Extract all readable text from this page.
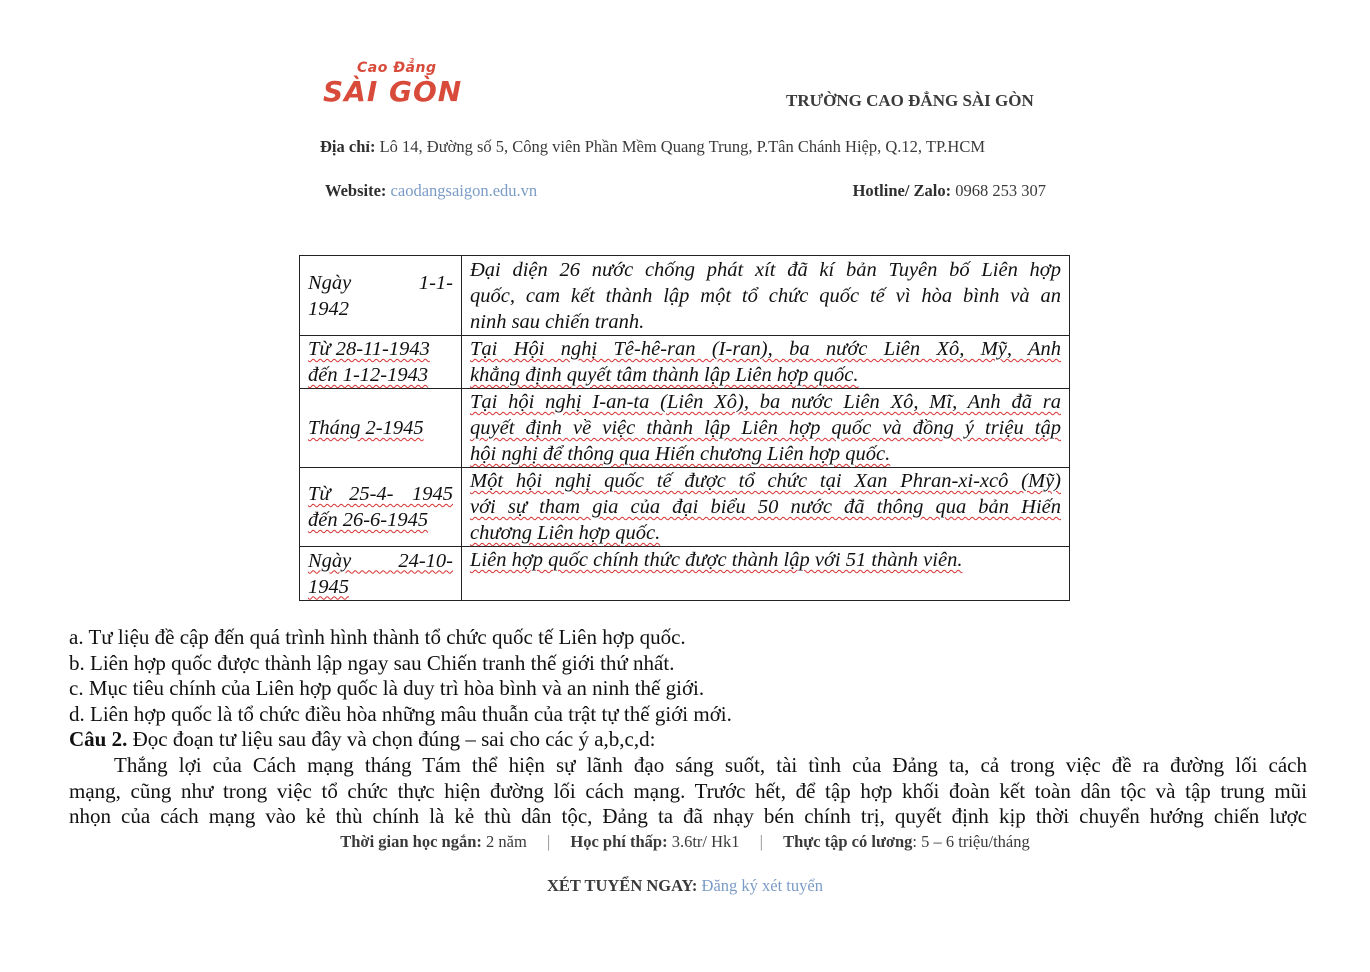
Cao Đẳng
SÀI GÒN	TRƯỜNG CAO ĐẲNG SÀI GÒN
Địa chỉ: Lô 14, Đường số 5, Công viên Phần Mềm Quang Trung, P.Tân Chánh Hiệp, Q.12, TP.HCM
Website: caodangsaigon.edu.vn	Hotline/ Zalo: 0968 253 307
Ngày 1-1-
1942	Đại diện 26 nước chống phát xít đã kí bản Tuyên bố Liên hợp
quốc, cam kết thành lập một tổ chức quốc tế vì hòa bình và an
ninh sau chiến tranh.

Từ 28-11-1943
đến 1-12-1943	Tại Hội nghị Tê-hê-ran (I-ran), ba nước Liên Xô, Mỹ, Anh
khẳng định quyết tâm thành lập Liên hợp quốc.

Tháng 2-1945	Tại hội nghị I-an-ta (Liên Xô), ba nước Liên Xô, Mĩ, Anh đã ra
quyết định về việc thành lập Liên hợp quốc và đồng ý triệu tập
hội nghị để thông qua Hiến chương Liên hợp quốc.

Từ 25-4- 1945
đến 26-6-1945	Một hội nghị quốc tế được tổ chức tại Xan Phran-xi-xcô (Mỹ)
với sự tham gia của đại biểu 50 nước đã thông qua bản Hiến
chương Liên hợp quốc.

Ngày 24-10-
1945	Liên hợp quốc chính thức được thành lập với 51 thành viên.
a. Tư liệu đề cập đến quá trình hình thành tổ chức quốc tế Liên hợp quốc.
b. Liên hợp quốc được thành lập ngay sau Chiến tranh thế giới thứ nhất.
c. Mục tiêu chính của Liên hợp quốc là duy trì hòa bình và an ninh thế giới.
d. Liên hợp quốc là tổ chức điều hòa những mâu thuẫn của trật tự thế giới mới.
Câu 2. Đọc đoạn tư liệu sau đây và chọn đúng – sai cho các ý a,b,c,d:
Thắng lợi của Cách mạng tháng Tám thể hiện sự lãnh đạo sáng suốt, tài tình của Đảng ta, cả trong việc đề ra đường lối cách
mạng, cũng như trong việc tổ chức thực hiện đường lối cách mạng. Trước hết, để tập hợp khối đoàn kết toàn dân tộc và tập trung mũi
nhọn của cách mạng vào kẻ thù chính là kẻ thù dân tộc, Đảng ta đã nhạy bén chính trị, quyết định kịp thời chuyển hướng chiến lược
Thời gian học ngắn: 2 năm | Học phí thấp: 3.6tr/ Hk1 | Thực tập có lương: 5 – 6 triệu/tháng
XÉT TUYỂN NGAY: Đăng ký xét tuyển
